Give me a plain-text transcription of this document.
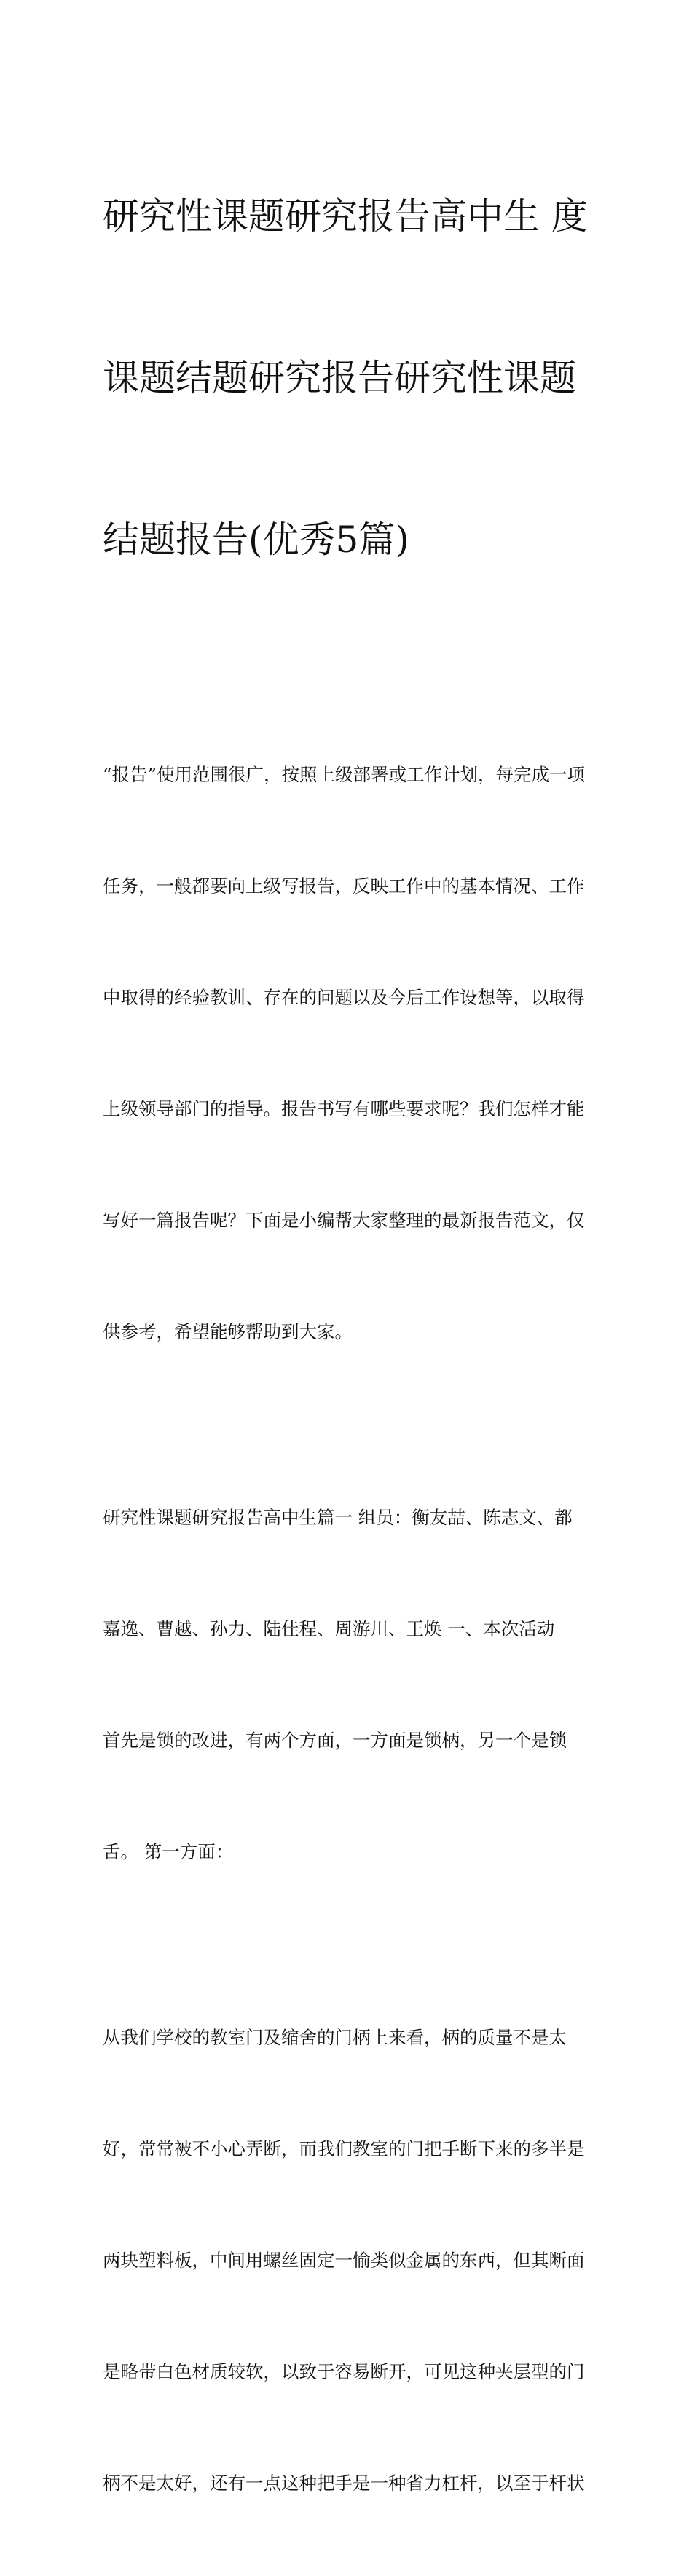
研究性课题研究报告高中生 度

课题结题研究报告研究性课题

结题报告(优秀5篇)

“报告”使用范围很广，按照上级部署或工作计划，每完成一项

任务，一般都要向上级写报告，反映工作中的基本情况、工作

中取得的经验教训、存在的问题以及今后工作设想等，以取得

上级领导部门的指导。报告书写有哪些要求呢？我们怎样才能

写好一篇报告呢？下面是小编帮大家整理的最新报告范文，仅

供参考，希望能够帮助到大家。

研究性课题研究报告高中生篇一 组员：衡友喆、陈志文、都

嘉逸、曹越、孙力、陆佳程、周游川、王焕 一、本次活动

首先是锁的改进，有两个方面，一方面是锁柄，另一个是锁

舌。 第一方面：

从我们学校的教室门及缩舍的门柄上来看，柄的质量不是太

好，常常被不小心弄断，而我们教室的门把手断下来的多半是

两块塑料板，中间用螺丝固定一愉类似金属的东西，但其断面

是略带白色材质较软，以致于容易断开，可见这种夹层型的门

柄不是太好，还有一点这种把手是一种省力杠杆，以至于杆状
